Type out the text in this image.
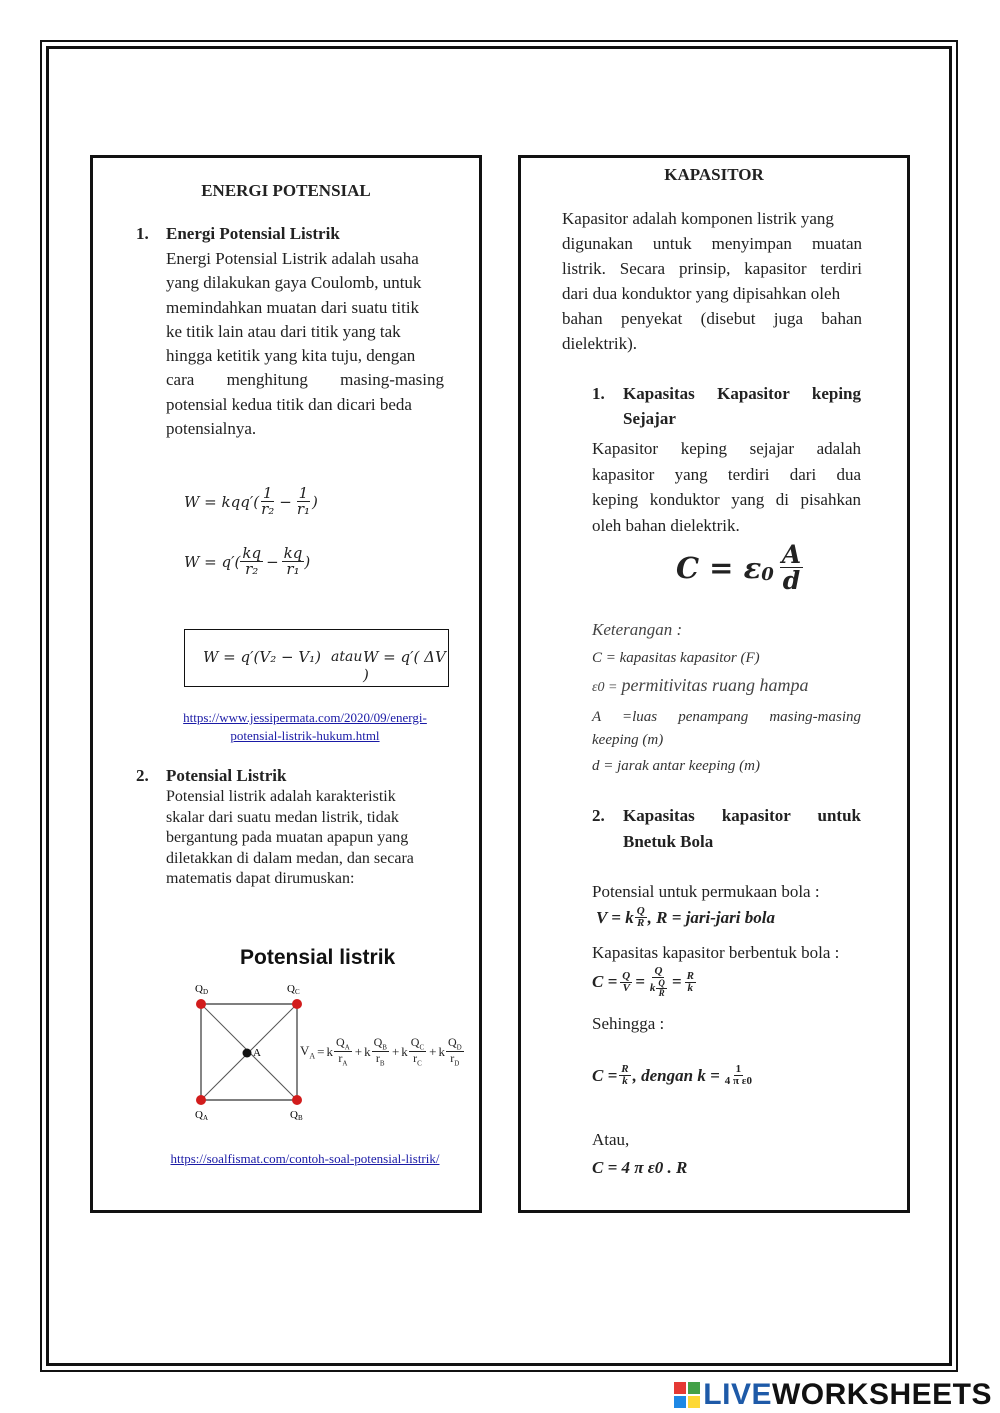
ENERGI POTENSIAL
1. Energi Potensial Listrik
Energi Potensial Listrik adalah usaha
yang dilakukan gaya Coulomb, untuk
memindahkan muatan dari suatu titik
ke titik lain atau dari titik yang tak
hingga ketitik yang kita tuju, dengan
cara menghitung masing-masing
potensial kedua titik dan dicari beda
potensialnya.
$W = kqq'( \frac{1}{\text{r₂}} - \frac{1}{\text{r₁}}$ )
$W = q'( \frac{kq}{\text{r₂}} - \frac{kq}{\text{r₁}}$ )
W = q′(V₂ − V₁) atau W = q′( ΔV )
https://www.jessipermata.com/2020/09/energi-
potensial-listrik-hukum.html
2. Potensial Listrik
Potensial listrik adalah karakteristik
skalar dari suatu medan listrik, tidak
bergantung pada muatan apapun yang
diletakkan di dalam medan, dan secara
matematis dapat dirumuskan:
Potensial listrik
QD	QC
QA	QB
A	$V_A = k \frac{Q_A}{r_A} + k \frac{Q_B}{r_B} + k \frac{Q_C}{r_C} + k \frac{Q_D}{r_D}$
https://soalfismat.com/contoh-soal-potensial-listrik/
KAPASITOR
Kapasitor adalah komponen listrik yang
digunakan untuk menyimpan muatan
listrik. Secara prinsip, kapasitor terdiri
dari dua konduktor yang dipisahkan oleh
bahan penyekat (disebut juga bahan
dielektrik).
1. Kapasitas Kapasitor keping
Sejajar
Kapasitor keping sejajar adalah
kapasitor yang terdiri dari dua
keping konduktor yang di pisahkan
oleh bahan dielektrik.
$C = \varepsilon_0 \frac{A}{d}$
Keterangan :
C = kapasitas kapasitor (F)
ε0 = permitivitas ruang hampa
A =luas penampang masing-masing
keeping (m)
d = jarak antar keeping (m)
2. Kapasitas kapasitor untuk
Bnetuk Bola
Potensial untuk permukaan bola :
V = k $\frac{Q}{R}$ , R = jari-jari bola
Kapasitas kapasitor berbentuk bola :
$C = \frac{Q}{V} = \frac{Q}{k \frac{Q}{R}} = \frac{R}{k}$
Sehingga :
$C = \frac{R}{k}$ , dengan $k = \frac{1}{\text{4 π ε0}}$
Atau,
C = 4 π ε0 . R
LIVE WORKSHEETS
